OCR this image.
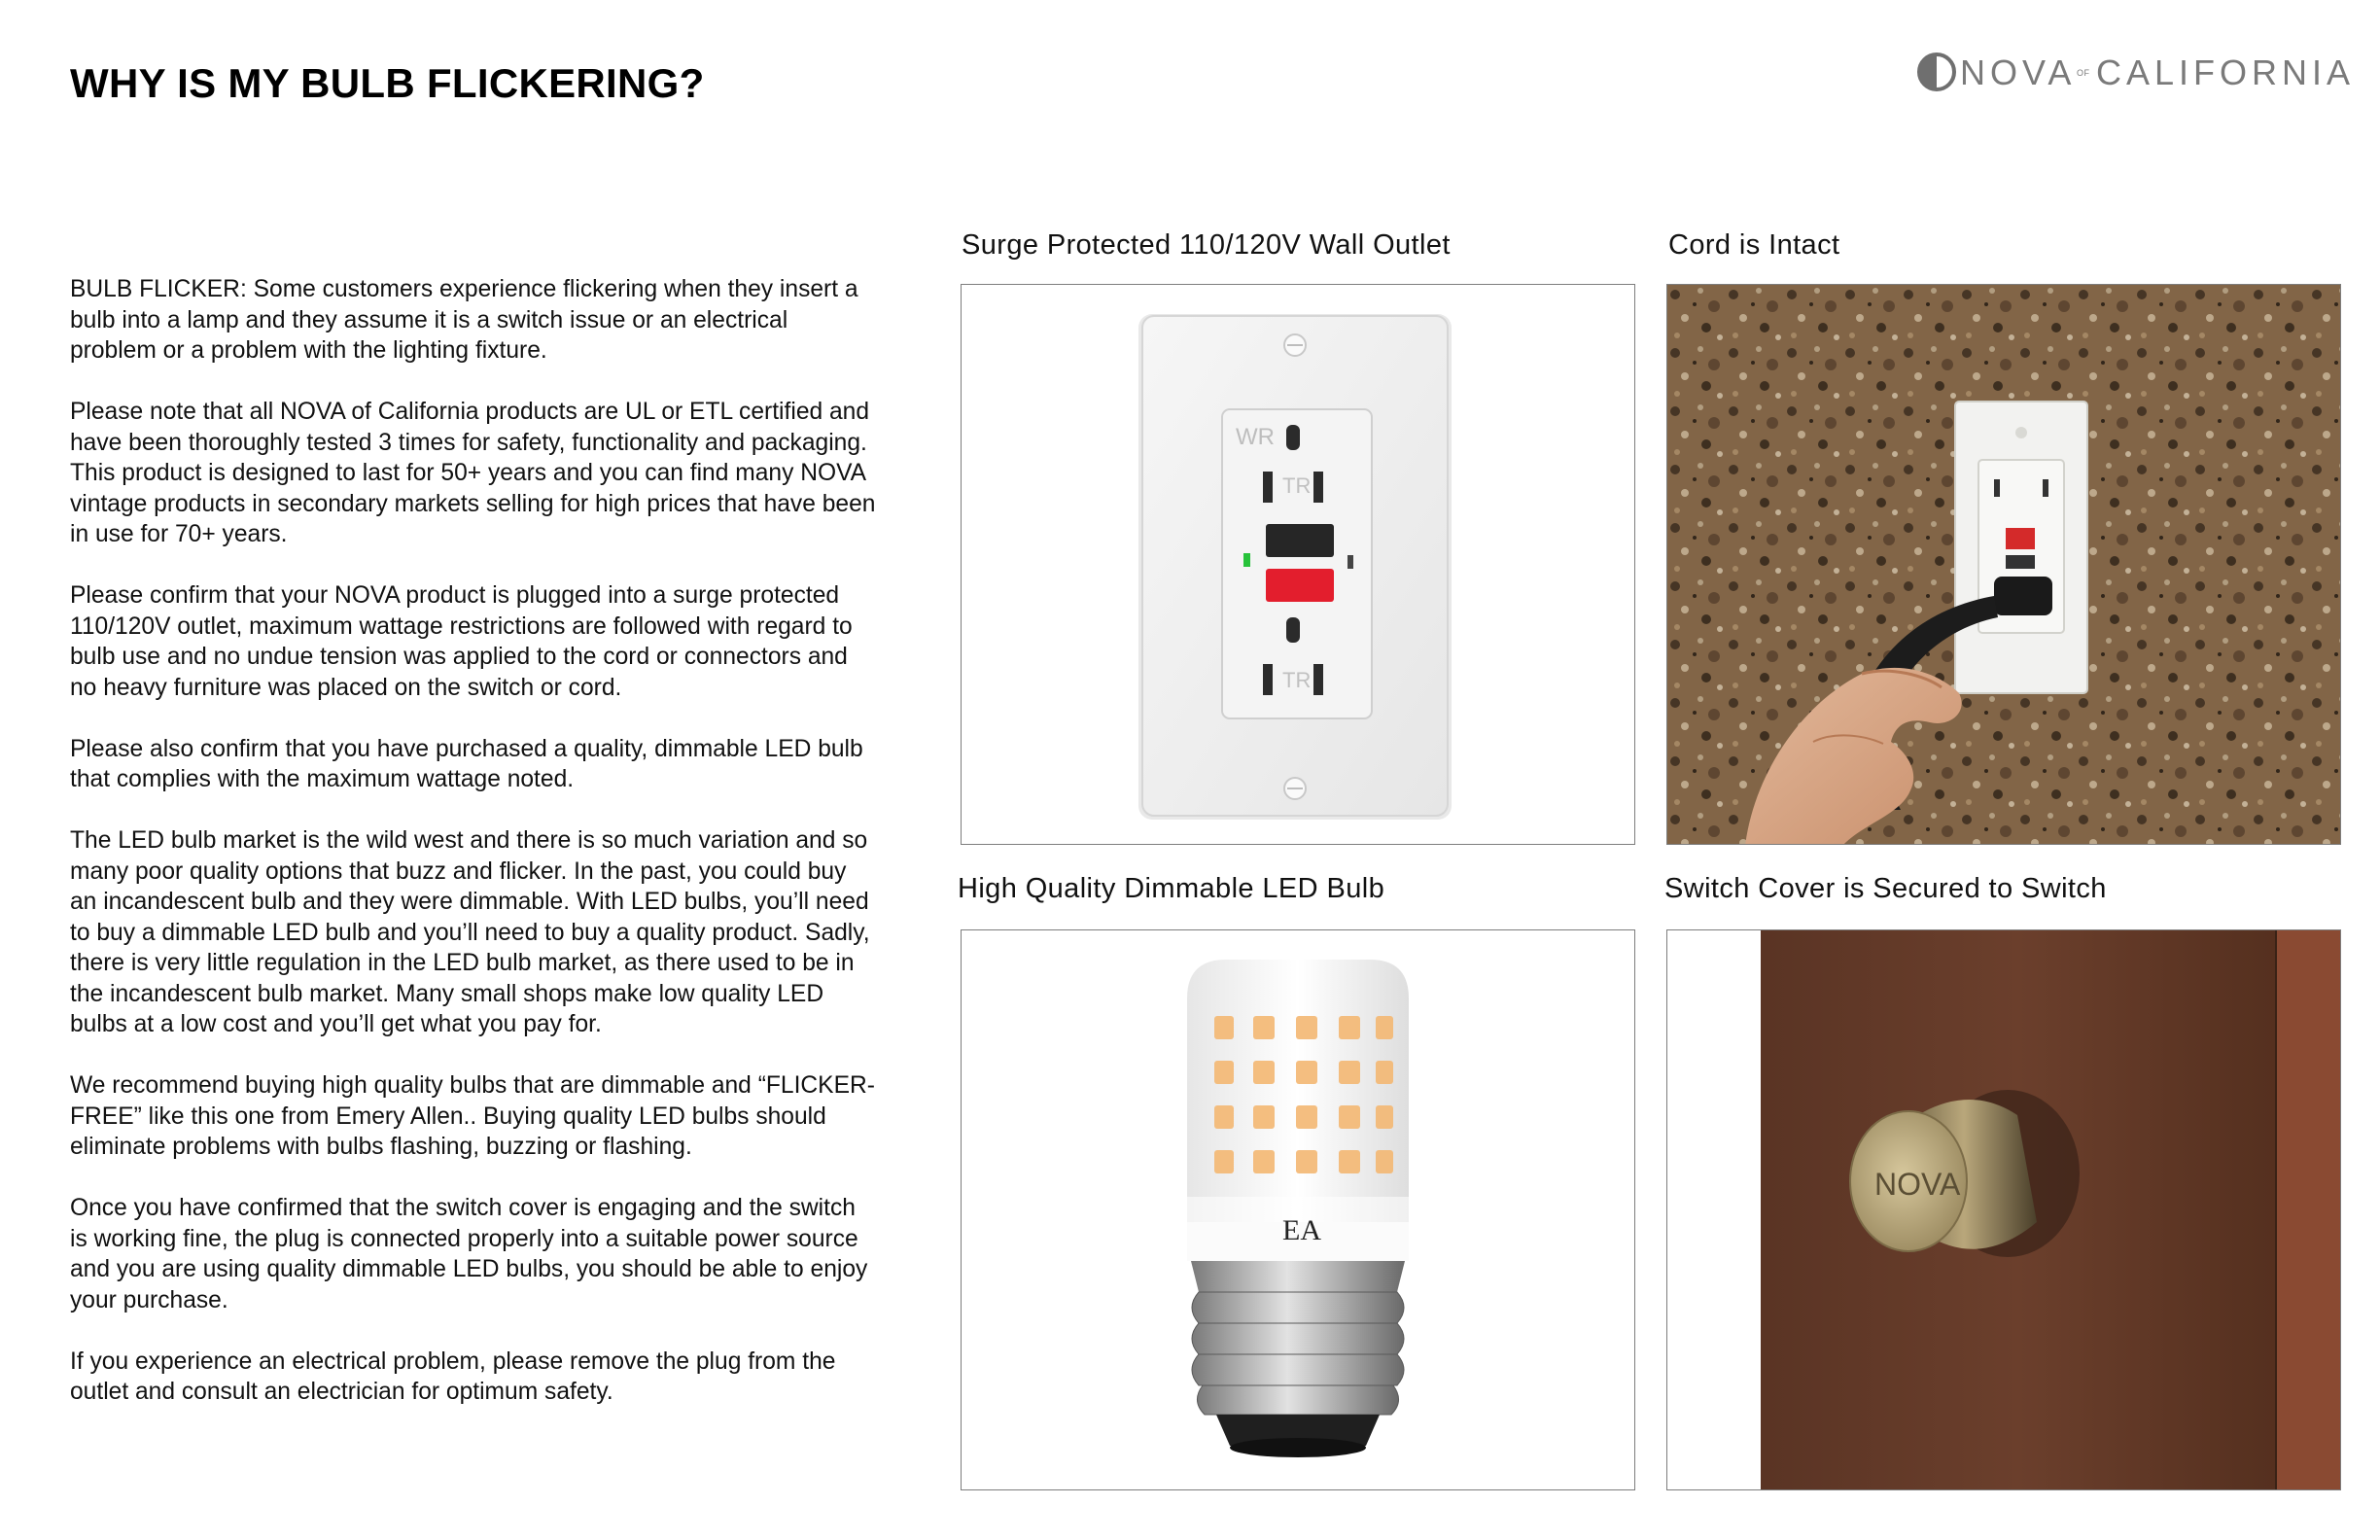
WHY IS MY BULB FLICKERING?	NOVA OF CALIFORNIA

BULB FLICKER: Some customers experience flickering when they insert a bulb into a lamp and they assume it is a switch issue or an electrical problem or a problem with the lighting fixture.

Please note that all NOVA of California products are UL or ETL certified and have been thoroughly tested 3 times for safety, functionality and packaging. This product is designed to last for 50+ years and you can find many NOVA vintage products in secondary markets selling for high prices that have been in use for 70+ years.

Please confirm that your NOVA product is plugged into a surge protected 110/120V outlet, maximum wattage restrictions are followed with regard to bulb use and no undue tension was applied to the cord or connectors and no heavy furniture was placed on the switch or cord.

Please also confirm that you have purchased a quality, dimmable LED bulb that complies with the maximum wattage noted.

The LED bulb market is the wild west and there is so much variation and so many poor quality options that buzz and flicker. In the past, you could buy an incandescent bulb and they were dimmable. With LED bulbs, you’ll need to buy a dimmable LED bulb and you’ll need to buy a quality product. Sadly, there is very little regulation in the LED bulb market, as there used to be in the incandescent bulb market. Many small shops make low quality LED bulbs at a low cost and you’ll get what you pay for.

We recommend buying high quality bulbs that are dimmable and “FLICKER-FREE” like this one from Emery Allen.. Buying quality LED bulbs should eliminate problems with bulbs flashing, buzzing or flashing.

Once you have confirmed that the switch cover is engaging and the switch is working fine, the plug is connected properly into a suitable power source and you are using quality dimmable LED bulbs, you should be able to enjoy your purchase.

If you experience an electrical problem, please remove the plug from the outlet and consult an electrician for optimum safety.

Surge Protected 110/120V Wall Outlet	Cord is Intact
High Quality Dimmable LED Bulb	Switch Cover is Secured to Switch
WR
TR
TR
EA
NOVA
